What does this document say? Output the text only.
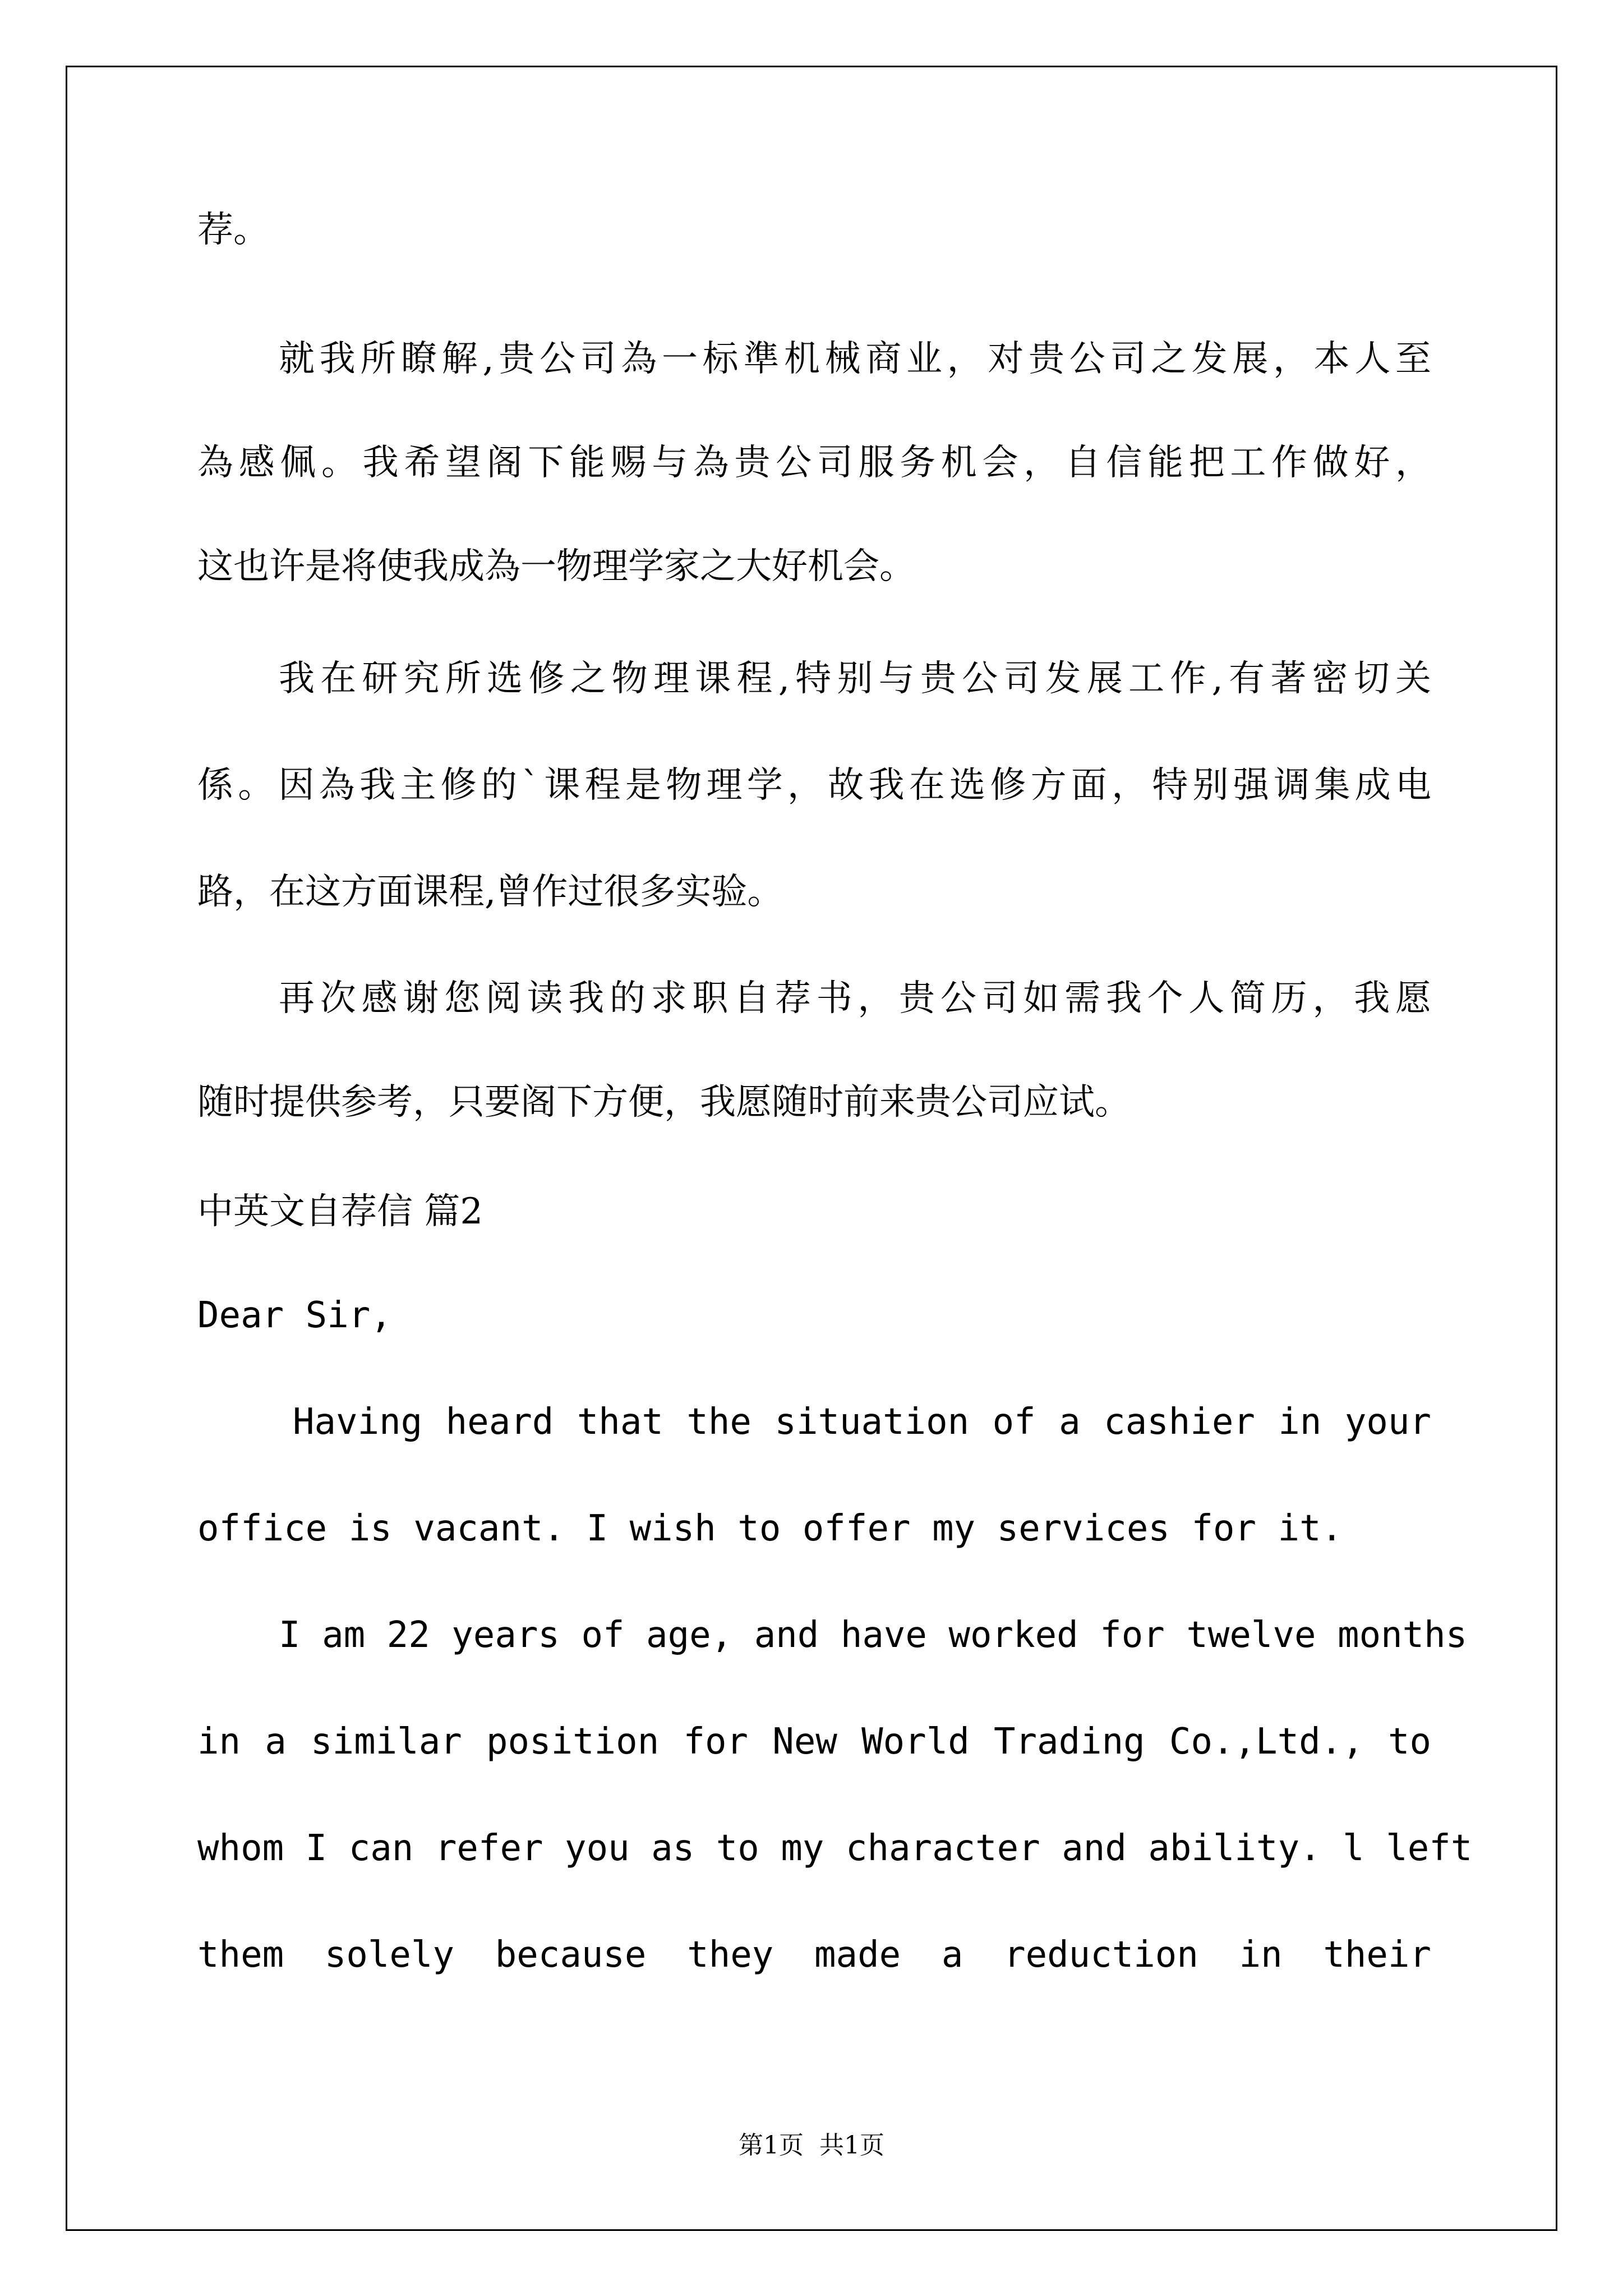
荐。
就我所瞭解,贵公司為一标準机械商业，对贵公司之发展，本人至
為感佩。我希望阁下能赐与為贵公司服务机会，自信能把工作做好，
这也许是将使我成為一物理学家之大好机会。
我在研究所选修之物理课程,特别与贵公司发展工作,有著密切关
係。因為我主修的`课程是物理学，故我在选修方面，特别强调集成电
路，在这方面课程,曾作过很多实验。
再次感谢您阅读我的求职自荐书，贵公司如需我个人简历，我愿
随时提供参考，只要阁下方便，我愿随时前来贵公司应试。
中英文自荐信 篇2
Dear Sir,
Having heard that the situation of a cashier in your
office is vacant. I wish to offer my services for it.
I am 22 years of age, and have worked for twelve months
in a similar position for New World Trading Co.,Ltd., to
whom I can refer you as to my character and ability. l left
them solely because they made a reduction in their
第1页  共1页
